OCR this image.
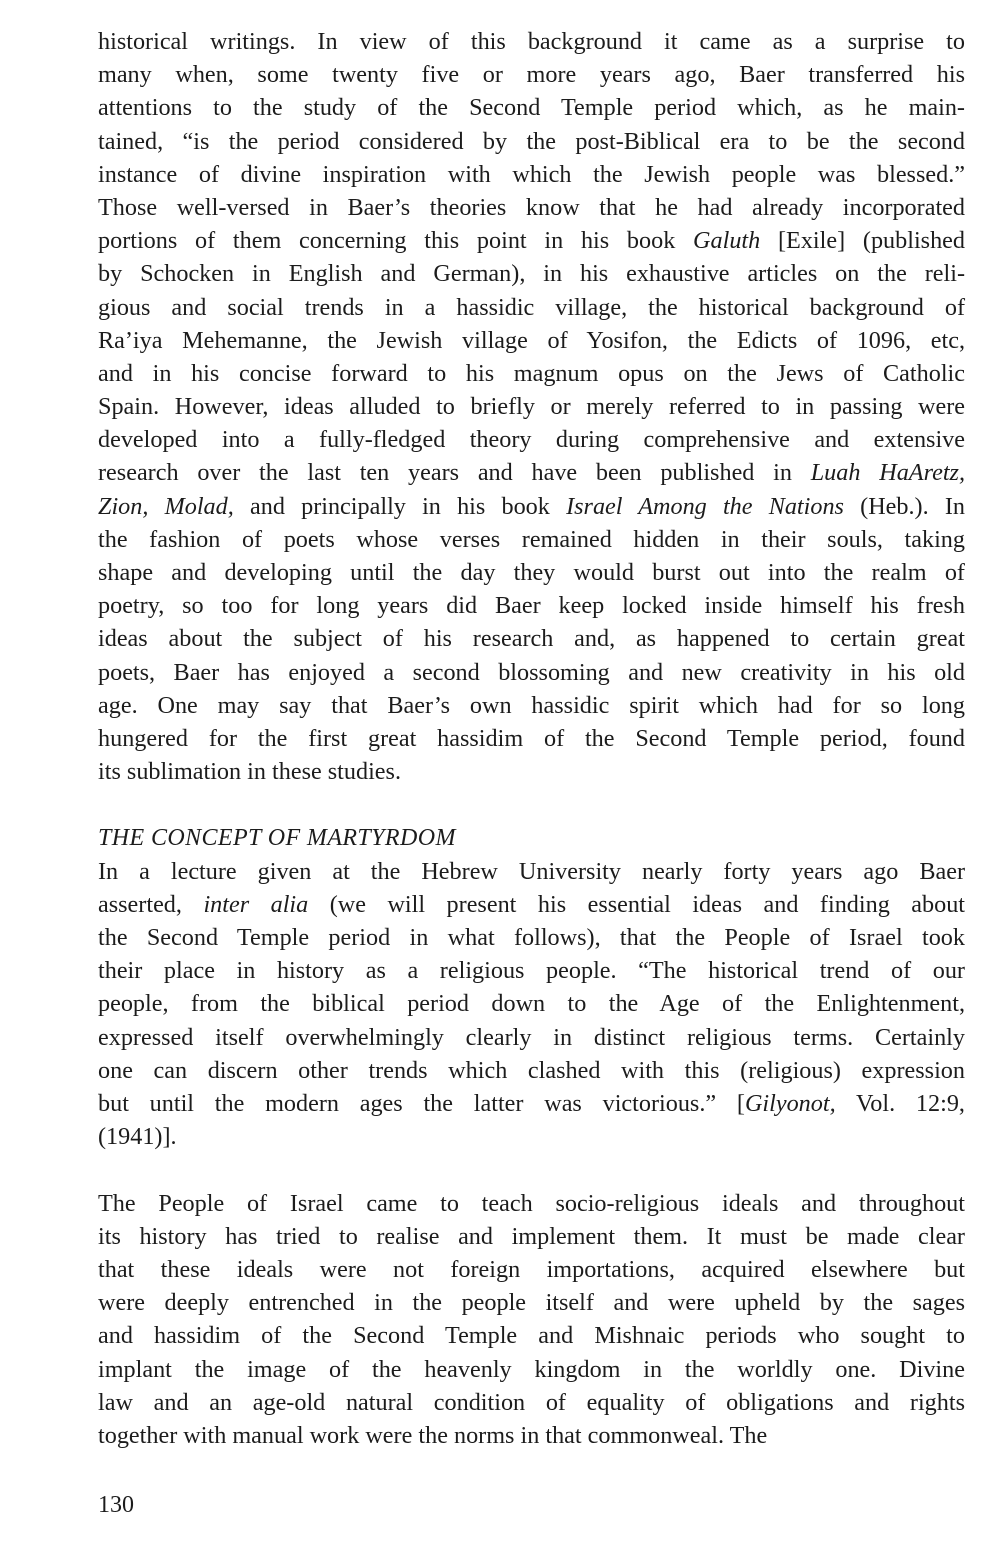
historical writings. In view of this background it came as a surprise to
many when, some twenty five or more years ago, Baer transferred his
attentions to the study of the Second Temple period which, as he main-
tained, “is the period considered by the post-Biblical era to be the second
instance of divine inspiration with which the Jewish people was blessed.”
Those well-versed in Baer’s theories know that he had already incorporated
portions of them concerning this point in his book Galuth [Exile] (published
by Schocken in English and German), in his exhaustive articles on the reli-
gious and social trends in a hassidic village, the historical background of
Ra’iya Mehemanne, the Jewish village of Yosifon, the Edicts of 1096, etc,
and in his concise forward to his magnum opus on the Jews of Catholic
Spain. However, ideas alluded to briefly or merely referred to in passing were
developed into a fully-fledged theory during comprehensive and extensive
research over the last ten years and have been published in Luah HaAretz,
Zion, Molad, and principally in his book Israel Among the Nations (Heb.). In
the fashion of poets whose verses remained hidden in their souls, taking
shape and developing until the day they would burst out into the realm of
poetry, so too for long years did Baer keep locked inside himself his fresh
ideas about the subject of his research and, as happened to certain great
poets, Baer has enjoyed a second blossoming and new creativity in his old
age. One may say that Baer’s own hassidic spirit which had for so long
hungered for the first great hassidim of the Second Temple period, found
its sublimation in these studies.
THE CONCEPT OF MARTYRDOM
In a lecture given at the Hebrew University nearly forty years ago Baer
asserted, inter alia (we will present his essential ideas and finding about
the Second Temple period in what follows), that the People of Israel took
their place in history as a religious people. “The historical trend of our
people, from the biblical period down to the Age of the Enlightenment,
expressed itself overwhelmingly clearly in distinct religious terms. Certainly
one can discern other trends which clashed with this (religious) expression
but until the modern ages the latter was victorious.” [Gilyonot, Vol. 12:9,
(1941)].
The People of Israel came to teach socio-religious ideals and throughout
its history has tried to realise and implement them. It must be made clear
that these ideals were not foreign importations, acquired elsewhere but
were deeply entrenched in the people itself and were upheld by the sages
and hassidim of the Second Temple and Mishnaic periods who sought to
implant the image of the heavenly kingdom in the worldly one. Divine
law and an age-old natural condition of equality of obligations and rights
together with manual work were the norms in that commonweal. The
130
